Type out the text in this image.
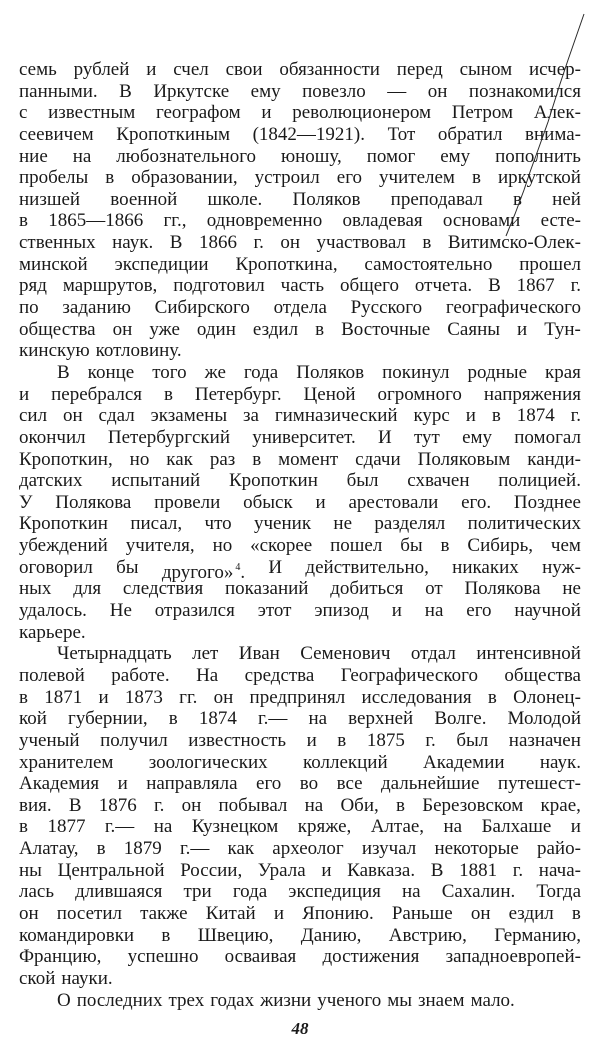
семь рублей и счел свои обязанности перед сыном исчер-
панными. В Иркутске ему повезло — он познакомился
с известным географом и революционером Петром Алек-
сеевичем Кропоткиным (1842—1921). Тот обратил внима-
ние на любознательного юношу, помог ему пополнить
пробелы в образовании, устроил его учителем в иркутской
низшей военной школе. Поляков преподавал в ней
в 1865—1866 гг., одновременно овладевая основами есте-
ственных наук. В 1866 г. он участвовал в Витимско-Олек-
минской экспедиции Кропоткина, самостоятельно прошел
ряд маршрутов, подготовил часть общего отчета. В 1867 г.
по заданию Сибирского отдела Русского географического
общества он уже один ездил в Восточные Саяны и Тун-
кинскую котловину.
В конце того же года Поляков покинул родные края
и перебрался в Петербург. Ценой огромного напряжения
сил он сдал экзамены за гимназический курс и в 1874 г.
окончил Петербургский университет. И тут ему помогал
Кропоткин, но как раз в момент сдачи Поляковым канди-
датских испытаний Кропоткин был схвачен полицией.
У Полякова провели обыск и арестовали его. Позднее
Кропоткин писал, что ученик не разделял политических
убеждений учителя, но «скорее пошел бы в Сибирь, чем
оговорил бы другого» $^4$. И действительно, никаких нуж-
ных для следствия показаний добиться от Полякова не
удалось. Не отразился этот эпизод и на его научной
карьере.
Четырнадцать лет Иван Семенович отдал интенсивной
полевой работе. На средства Географического общества
в 1871 и 1873 гг. он предпринял исследования в Олонец-
кой губернии, в 1874 г.— на верхней Волге. Молодой
ученый получил известность и в 1875 г. был назначен
хранителем зоологических коллекций Академии наук.
Академия и направляла его во все дальнейшие путешест-
вия. В 1876 г. он побывал на Оби, в Березовском крае,
в 1877 г.— на Кузнецком кряже, Алтае, на Балхаше и
Алатау, в 1879 г.— как археолог изучал некоторые райо-
ны Центральной России, Урала и Кавказа. В 1881 г. нача-
лась длившаяся три года экспедиция на Сахалин. Тогда
он посетил также Китай и Японию. Раньше он ездил в
командировки в Швецию, Данию, Австрию, Германию,
Францию, успешно осваивая достижения западноевропей-
ской науки.
О последних трех годах жизни ученого мы знаем мало.
48
